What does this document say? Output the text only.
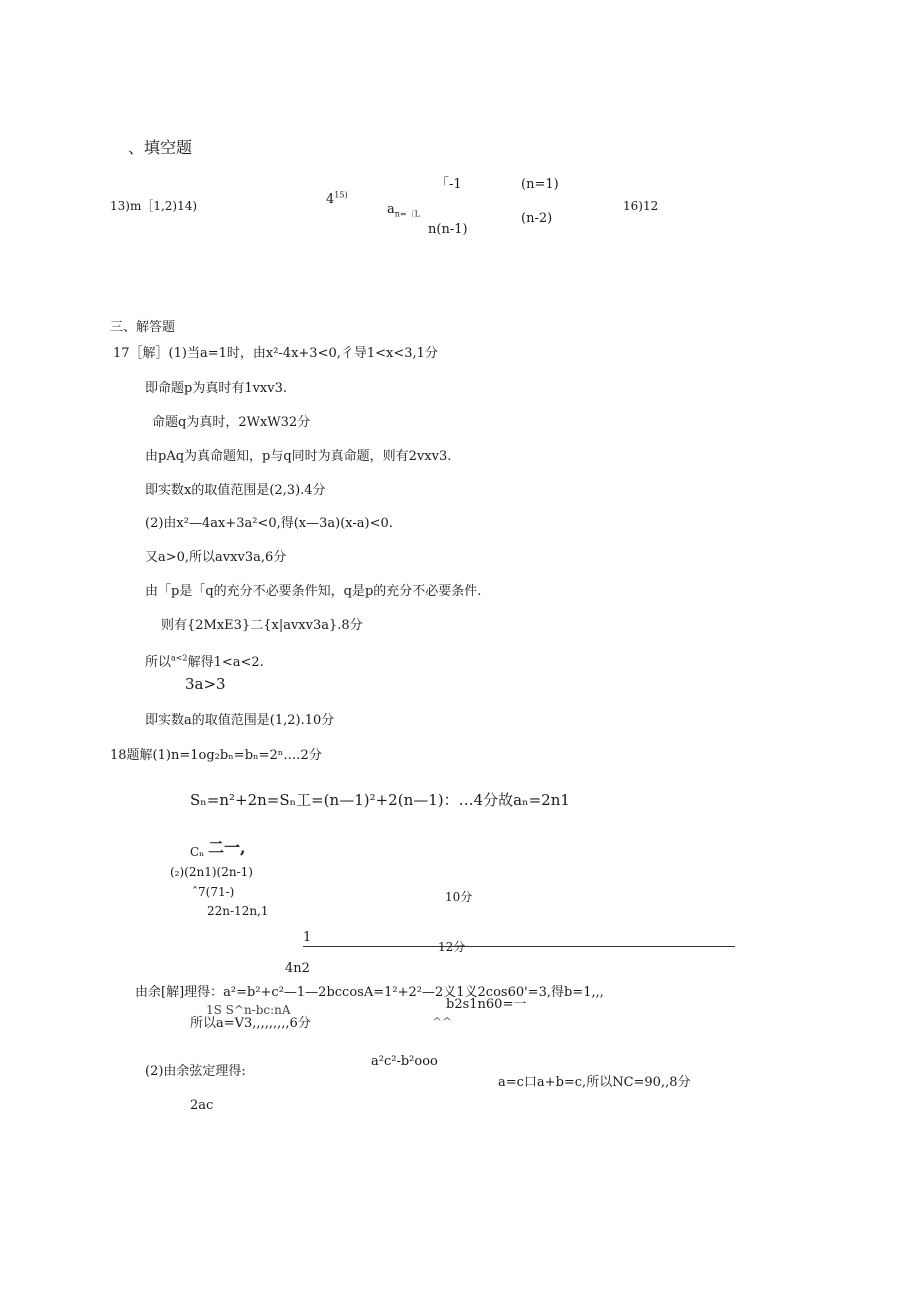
、填空题
13)m［1,2)14)	4$^{15)}$
$a_{n=〔L}$
「-1	(n=1)
(n-2)
n(n-1)
16)12
三、解答题
17［解］(1)当a=1时，由x²-4x+3<0,彳导1<x<3,1分
即命题p为真时有1vxv3.
命题q为真时，2WxW32分
由pAq为真命题知，p与q同时为真命题，则有2vxv3.
即实数x的取值范围是(2,3).4分
(2)由x²—4ax+3a²<0,得(x—3a)(x-a)<0.
又a>0,所以avxv3a,6分
由「p是「q的充分不必要条件知，q是p的充分不必要条件.
则有{2MxE3}二{x|avxv3a}.8分
所以$^{a<2}$解得1<a<2.
3a>3
即实数a的取值范围是(1,2).10分
18题解(1)n=1og₂bₙ=bₙ=2ⁿ.…2分
Sₙ=n²+2n=Sₙ工=(n—1)²+2(n—1)：…4分故aₙ=2n1
Cₙ 二一,
(₂)(2n1)(2n-1)
ˆ7(71-)
22n-12n,1
10分
1
12分
4n2
由余[解]理得：a²=b²+c²—1—2bccosA=1²+2²—2义1义2cos60'=3,得b=1,,,
1S S^n-bc:nA	b2s1n60=一
^^
所以a=V3,,,,,,,,,6分
(2)由余弦定理得:
a²c²-b²ooo
a=c口a+b=c,所以NC=90,,8分
2ac
